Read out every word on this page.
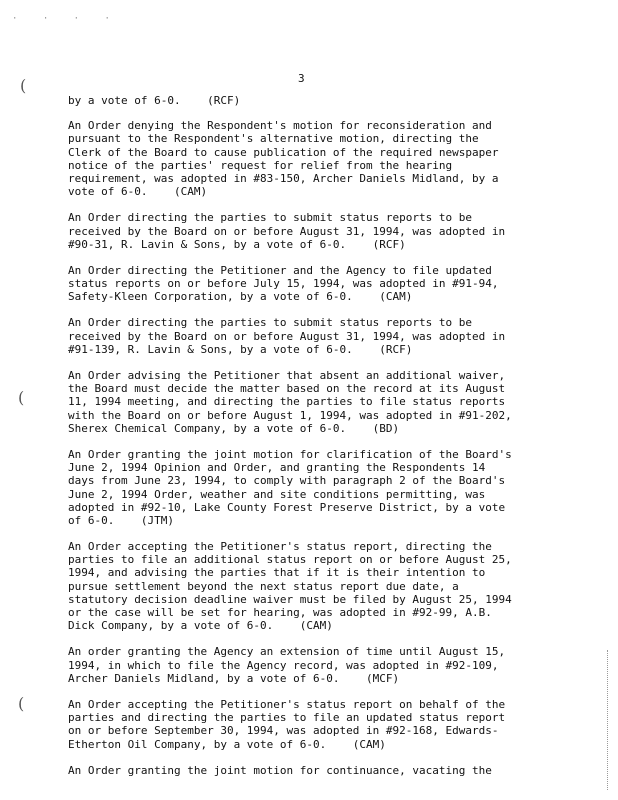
· · · ·
(
(
(
3
by a vote of 6-0.    (RCF)
An Order denying the Respondent's motion for reconsideration and
pursuant to the Respondent's alternative motion, directing the
Clerk of the Board to cause publication of the required newspaper
notice of the parties' request for relief from the hearing
requirement, was adopted in #83-150, Archer Daniels Midland, by a
vote of 6-0.    (CAM)
An Order directing the parties to submit status reports to be
received by the Board on or before August 31, 1994, was adopted in
#90-31, R. Lavin & Sons, by a vote of 6-0.    (RCF)
An Order directing the Petitioner and the Agency to file updated
status reports on or before July 15, 1994, was adopted in #91-94,
Safety-Kleen Corporation, by a vote of 6-0.    (CAM)
An Order directing the parties to submit status reports to be
received by the Board on or before August 31, 1994, was adopted in
#91-139, R. Lavin & Sons, by a vote of 6-0.    (RCF)
An Order advising the Petitioner that absent an additional waiver,
the Board must decide the matter based on the record at its August
11, 1994 meeting, and directing the parties to file status reports
with the Board on or before August 1, 1994, was adopted in #91-202,
Sherex Chemical Company, by a vote of 6-0.    (BD)
An Order granting the joint motion for clarification of the Board's
June 2, 1994 Opinion and Order, and granting the Respondents 14
days from June 23, 1994, to comply with paragraph 2 of the Board's
June 2, 1994 Order, weather and site conditions permitting, was
adopted in #92-10, Lake County Forest Preserve District, by a vote
of 6-0.    (JTM)
An Order accepting the Petitioner's status report, directing the
parties to file an additional status report on or before August 25,
1994, and advising the parties that if it is their intention to
pursue settlement beyond the next status report due date, a
statutory decision deadline waiver must be filed by August 25, 1994
or the case will be set for hearing, was adopted in #92-99, A.B.
Dick Company, by a vote of 6-0.    (CAM)
An order granting the Agency an extension of time until August 15,
1994, in which to file the Agency record, was adopted in #92-109,
Archer Daniels Midland, by a vote of 6-0.    (MCF)
An Order accepting the Petitioner's status report on behalf of the
parties and directing the parties to file an updated status report
on or before September 30, 1994, was adopted in #92-168, Edwards-
Etherton Oil Company, by a vote of 6-0.    (CAM)
An Order granting the joint motion for continuance, vacating the
